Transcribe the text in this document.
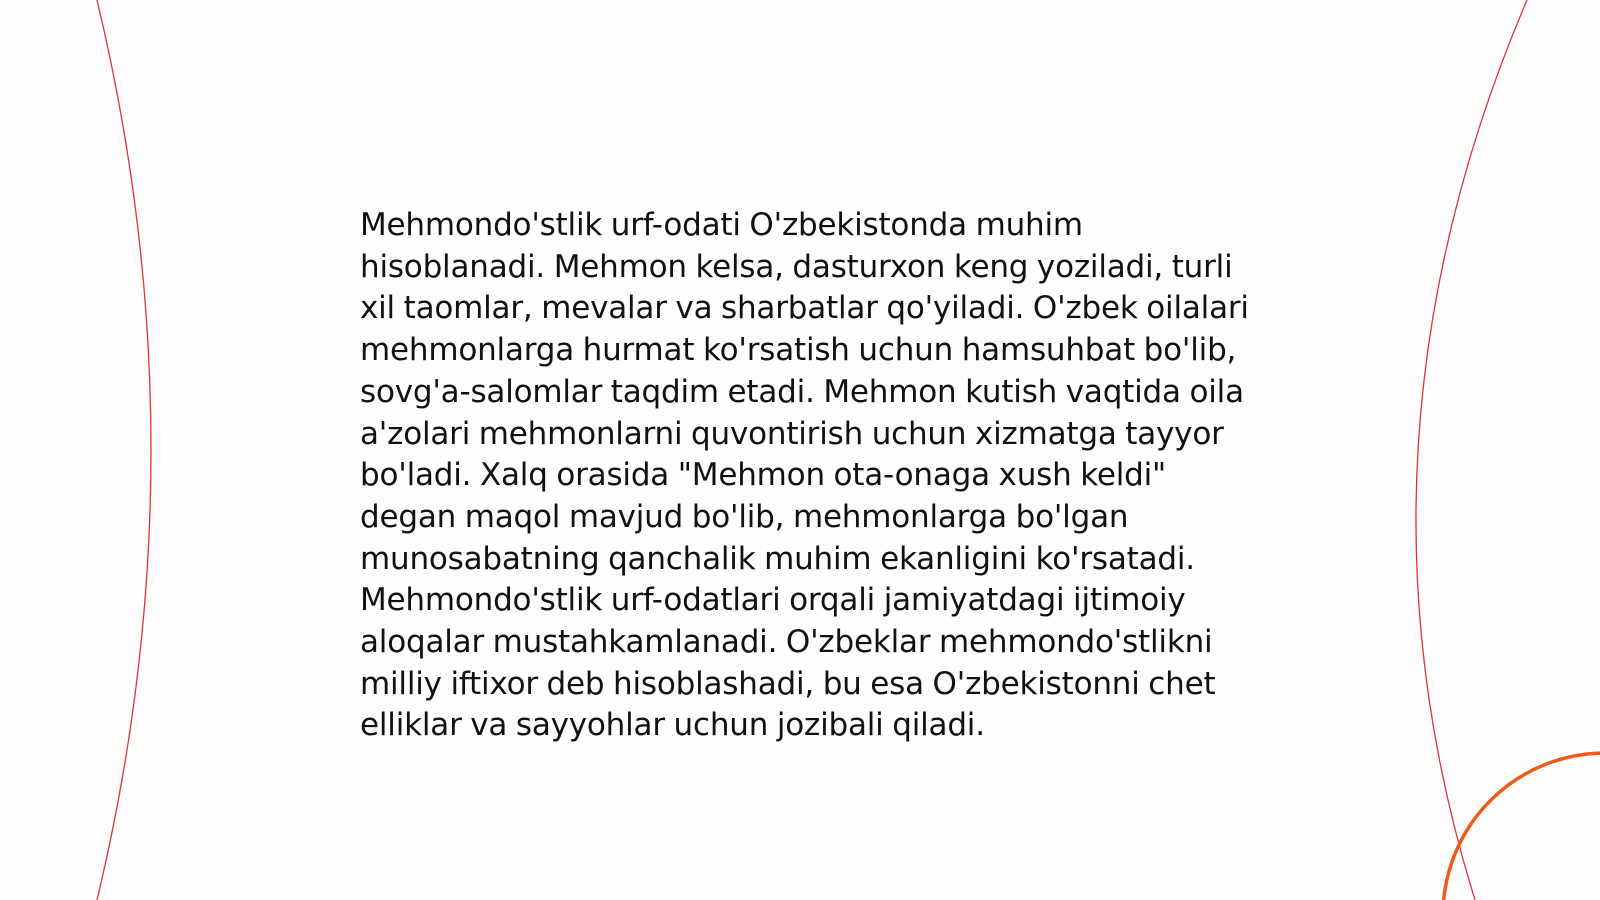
Mehmondo'stlik urf-odati O'zbekistonda muhim hisoblanadi. Mehmon kelsa, dasturxon keng yoziladi, turli xil taomlar, mevalar va sharbatlar qo'yiladi. O'zbek oilalari mehmonlarga hurmat ko'rsatish uchun hamsuhbat bo'lib, sovg'a-salomlar taqdim etadi. Mehmon kutish vaqtida oila a'zolari mehmonlarni quvontirish uchun xizmatga tayyor bo'ladi. Xalq orasida "Mehmon ota-onaga xush keldi" degan maqol mavjud bo'lib, mehmonlarga bo'lgan munosabatning qanchalik muhim ekanligini ko'rsatadi. Mehmondo'stlik urf-odatlari orqali jamiyatdagi ijtimoiy aloqalar mustahkamlanadi. O'zbeklar mehmondo'stlikni milliy iftixor deb hisoblashadi, bu esa O'zbekistonni chet elliklar va sayyohlar uchun jozibali qiladi.
